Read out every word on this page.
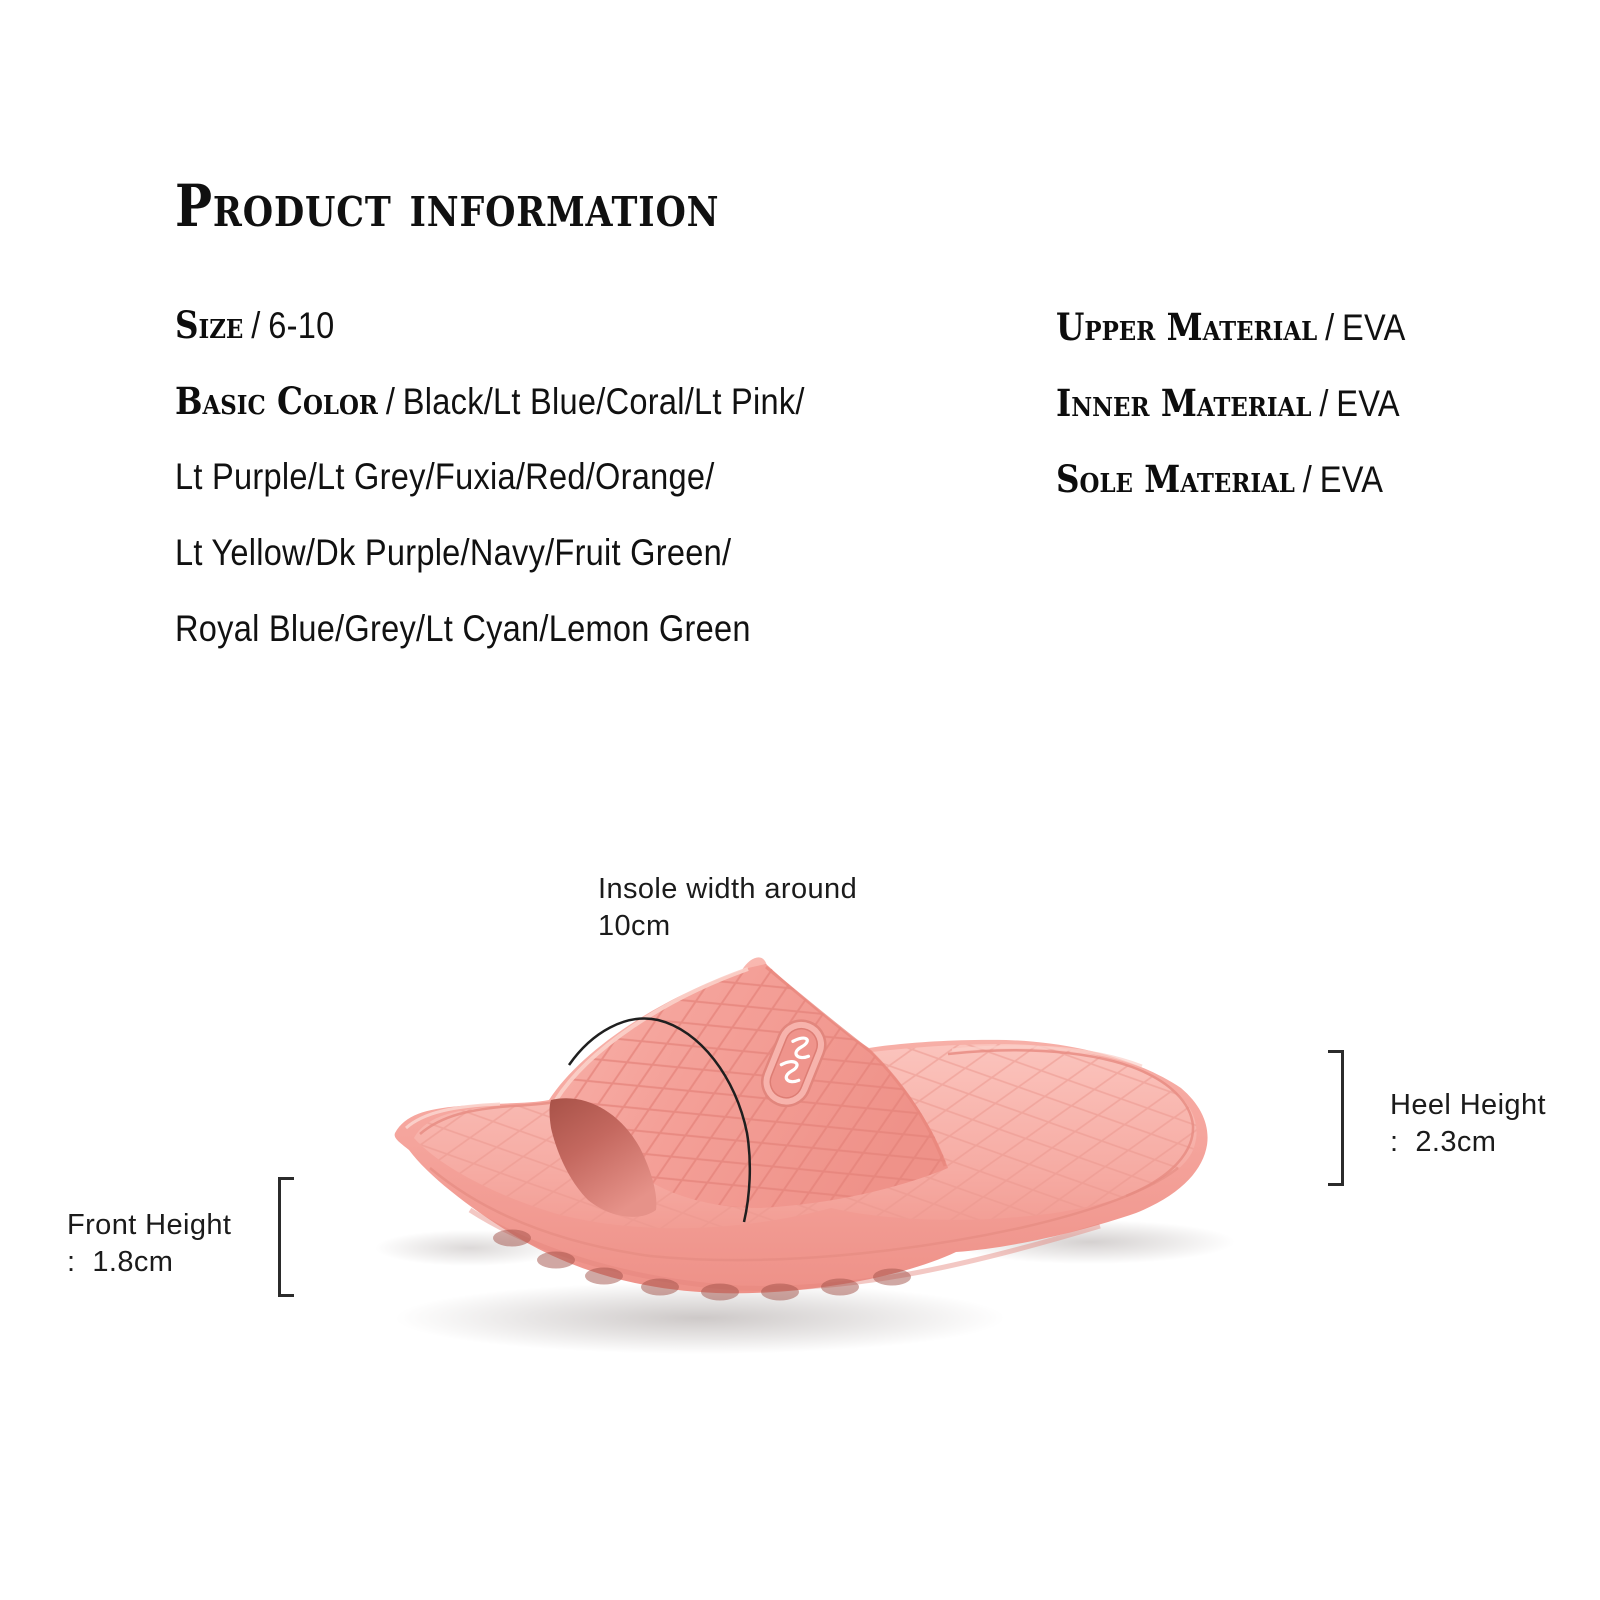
Product information
Size / 6-10
Basic Color / Black/Lt Blue/Coral/Lt Pink/
Lt Purple/Lt Grey/Fuxia/Red/Orange/
Lt Yellow/Dk Purple/Navy/Fruit Green/
Royal Blue/Grey/Lt Cyan/Lemon Green
Upper Material / EVA
Inner Material / EVA
Sole Material / EVA
Insole width around
10cm
Heel Height
:  2.3cm
Front Height
:  1.8cm
